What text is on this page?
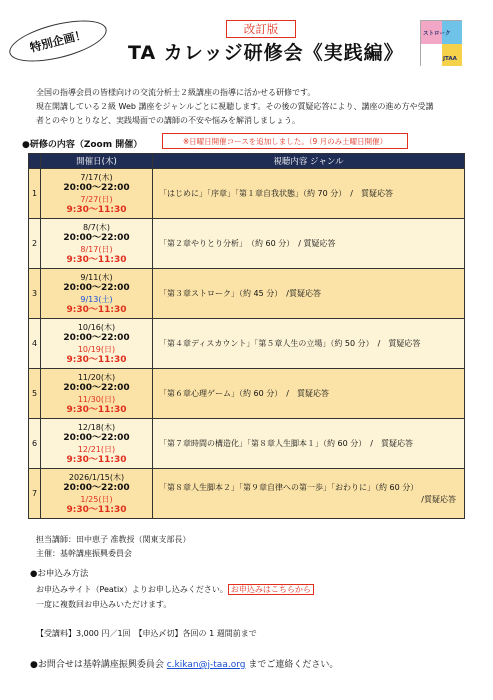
特別企画！	改訂版
TA カレッジ研修会《実践編》
ストローク
JTAA
全国の指導会員の皆様向けの交流分析士２級講座の指導に活かせる研修です。
現在開講している２級 Web 講座をジャンルごとに視聴します。その後の質疑応答により、講座の進め方や受講
者とのやりとりなど、実践場面での講師の不安や悩みを解消しましょう。
●研修の内容（Zoom 開催）	※日曜日開催コースを追加しました。（9 月のみ土曜日開催）
	開催日(木)	視聴内容 ジャンル
1	7/17(木)
20:00～22:00
7/27(日)
9:30～11:30	「はじめに」「序章」「第１章自我状態」（約 70 分）　/　質疑応答
2	8/7(木)
20:00～22:00
8/17(日)
9:30～11:30	「第２章やりとり分析」　（約 60 分）　/ 質疑応答
3	9/11(木)
20:00～22:00
9/13(土)
9:30～11:30	「第３章ストローク」（約 45 分）　/質疑応答
4	10/16(木)
20:00～22:00
10/19(日)
9:30～11:30	「第４章ディスカウント」「第５章人生の立場」（約 50 分）　/　質疑応答
5	11/20(木)
20:00～22:00
11/30(日)
9:30～11:30	「第６章心理ゲーム」（約 60 分）　/　質疑応答
6	12/18(木)
20:00～22:00
12/21(日)
9:30～11:30	「第７章時間の構造化」「第８章人生脚本１」（約 60 分）　/　質疑応答
7	2026/1/15(木)
20:00～22:00
1/25(日)
9:30～11:30	「第８章人生脚本２」「第９章自律への第一歩」「おわりに」（約 60 分）
/質疑応答
担当講師：田中恵子 准教授（関東支部長）
主催：基幹講座振興委員会
●お申込み方法
お申込みサイト（Peatix）よりお申し込みください。 お申込みはこちらから
一度に複数回お申込みいただけます。
【受講料】3,000 円／1回　【申込〆切】各回の 1 週間前まで
●お問合せは基幹講座振興委員会 c.kikan@j-taa.org までご連絡ください。
